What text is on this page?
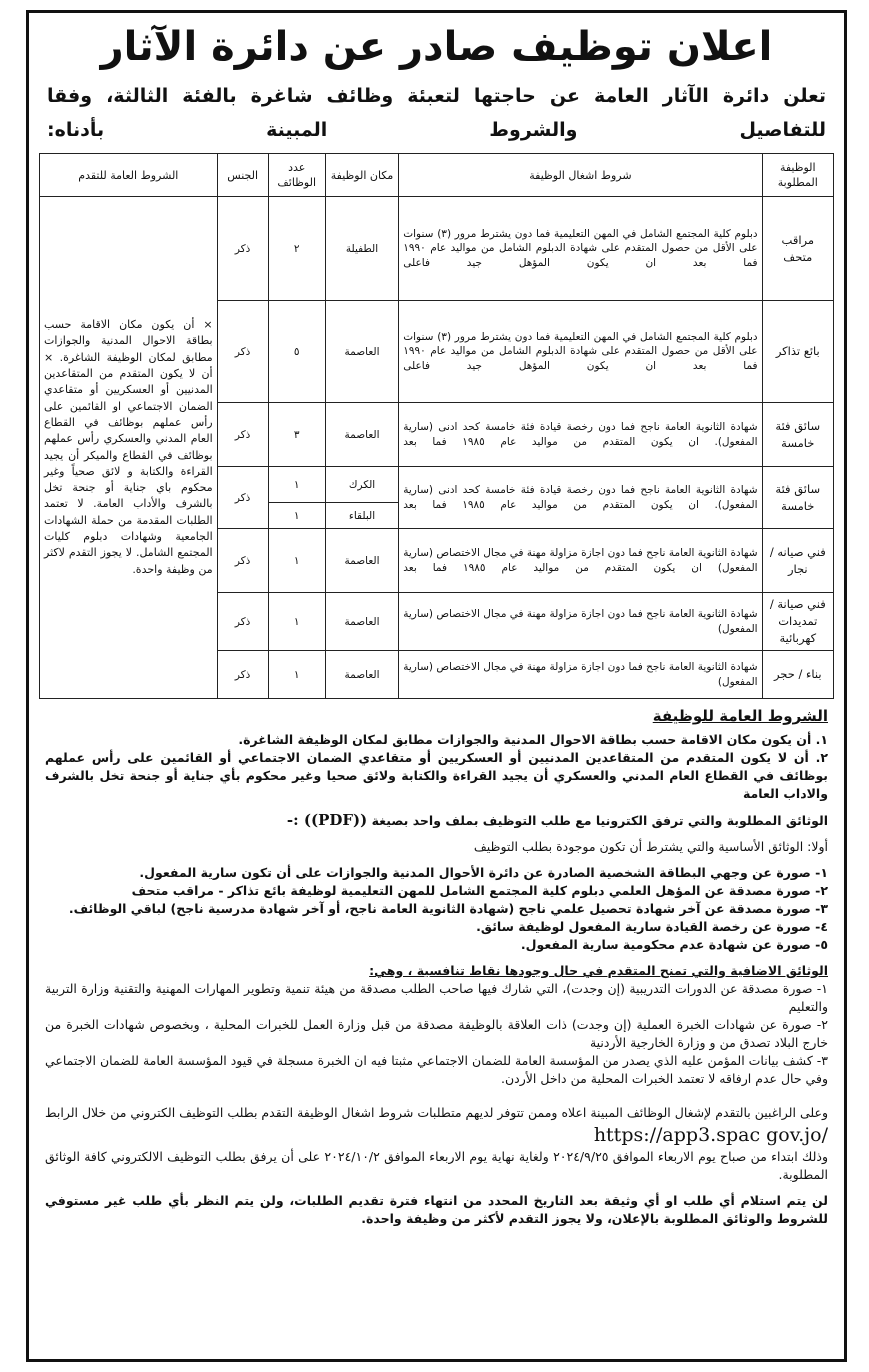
اعلان توظيف صادر عن دائرة الآثار
تعلن دائرة الآثار العامة عن حاجتها لتعبئة وظائف شاغرة بالفئة الثالثة، وفقا للتفاصيل والشروط المبينة بأدناه:
الوظيفة المطلوبة	شروط اشغال الوظيفة	مكان الوظيفة	عدد الوظائف	الجنس	الشروط العامة للتقدم
مراقب متحف	دبلوم كلية المجتمع الشامل في المهن التعليمية فما دون يشترط مرور (٣) سنوات على الأقل من حصول المتقدم على شهادة الدبلوم الشامل من مواليد عام ١٩٩٠ فما بعد ان يكون المؤهل جيد فاعلى	الطفيلة	٢	ذكر	× أن يكون مكان الاقامة حسب بطاقة الاحوال المدنية والجوازات مطابق لمكان الوظيفة الشاغرة. × أن لا يكون المتقدم من المتقاعدين المدنيين أو العسكريين أو متقاعدي الضمان الاجتماعي او القائمين على رأس عملهم بوظائف في القطاع العام المدني والعسكري رأس عملهم بوظائف في القطاع والميكر أن يجيد القراءة والكتابة و لائق صحياً وغير محكوم باي جناية أو جنحة تخل بالشرف والأداب العامة. لا تعتمد الطلبات المقدمة من حملة الشهادات الجامعية وشهادات دبلوم كليات المجتمع الشامل. لا يجوز التقدم لاكثر من وظيفة واحدة.
بائع تذاكر	دبلوم كلية المجتمع الشامل في المهن التعليمية فما دون يشترط مرور (٣) سنوات على الأقل من حصول المتقدم على شهادة الدبلوم الشامل من مواليد عام ١٩٩٠ فما بعد ان يكون المؤهل جيد فاعلى	العاصمة	٥	ذكر	
سائق فئة خامسة	شهادة الثانوية العامة ناجح فما دون رخصة قيادة فئة خامسة كحد ادنى (سارية المفعول). ان يكون المتقدم من مواليد عام ١٩٨٥ فما بعد	العاصمة	٣	ذكر	
سائق فئة خامسة	شهادة الثانوية العامة ناجح فما دون رخصة قيادة فئة خامسة كحد ادنى (سارية المفعول). ان يكون المتقدم من مواليد عام ١٩٨٥ فما بعد	الكرك	١	ذكر	
		البلقاء	١		
فني صيانه / نجار	شهادة الثانوية العامة ناجح فما دون اجازة مزاولة مهنة في مجال الاختصاص (سارية المفعول) ان يكون المتقدم من مواليد عام ١٩٨٥ فما بعد	العاصمة	١	ذكر	
فني صيانة / تمديدات كهربائية	شهادة الثانوية العامة ناجح فما دون اجازة مزاولة مهنة في مجال الاختصاص (سارية المفعول)	العاصمة	١	ذكر	
بناء / حجر	شهادة الثانوية العامة ناجح فما دون اجازة مزاولة مهنة في مجال الاختصاص (سارية المفعول)	العاصمة	١	ذكر	
الشروط العامة للوظيفة
١. أن يكون مكان الاقامة حسب بطاقة الاحوال المدنية والجوازات مطابق لمكان الوظيفة الشاغرة.
٢. أن لا يكون المتقدم من المتقاعدين المدنيين أو العسكريين أو متقاعدي الضمان الاجتماعي أو القائمين على رأس عملهم بوظائف في القطاع العام المدني والعسكري أن يجيد القراءة والكتابة ولائق صحيا وغير محكوم بأي جناية أو جنحة تخل بالشرف والاداب العامة
الوثائق المطلوبة والتي ترفق الكترونيا مع طلب التوظيف بملف واحد بصيغة ((PDF)) :-
أولا: الوثائق الأساسية والتي يشترط أن تكون موجودة بطلب التوظيف
١- صورة عن وجهي البطاقة الشخصية الصادرة عن دائرة الأحوال المدنية والجوازات على أن تكون سارية المفعول.
٢- صورة مصدقة عن المؤهل العلمي دبلوم كلية المجتمع الشامل للمهن التعليمية لوظيفة بائع تذاكر - مراقب متحف
٣- صورة مصدقة عن آخر شهادة تحصيل علمي ناجح (شهادة الثانوية العامة ناجح، أو آخر شهادة مدرسية ناجح) لباقي الوظائف.
٤- صورة عن رخصة القيادة سارية المفعول لوظيفة سائق.
٥- صورة عن شهادة عدم محكومية سارية المفعول.
الوثائق الاضافية والتي تمنح المتقدم في حال وجودها نقاط تنافسية ، وهي:
١- صورة مصدقة عن الدورات التدريبية (إن وجدت)، التي شارك فيها صاحب الطلب مصدقة من هيئة تنمية وتطوير المهارات المهنية والتقنية وزارة التربية والتعليم
٢- صورة عن شهادات الخبرة العملية (إن وجدت) ذات العلاقة بالوظيفة مصدقة من قبل وزارة العمل للخبرات المحلية ، وبخصوص شهادات الخبرة من خارج البلاد تصدق من و وزارة الخارجية الأردنية
٣- كشف بيانات المؤمن عليه الذي يصدر من المؤسسة العامة للضمان الاجتماعي مثبتا فيه ان الخبرة مسجلة في قيود المؤسسة العامة للضمان الاجتماعي وفي حال عدم ارفاقه لا تعتمد الخبرات المحلية من داخل الأردن.
وعلى الراغبين بالتقدم لإشغال الوظائف المبينة اعلاه وممن تتوفر لديهم متطلبات شروط اشغال الوظيفة التقدم بطلب التوظيف الكتروني من خلال الرابط https://app3.spac gov.jo/
وذلك ابتداء من صباح يوم الاربعاء الموافق ٢٠٢٤/٩/٢٥ ولغاية نهاية يوم الاربعاء الموافق ٢٠٢٤/١٠/٢ على أن يرفق بطلب التوظيف الالكتروني كافة الوثائق المطلوبة.
لن يتم استلام أي طلب او أي وثيقة بعد التاريخ المحدد من انتهاء فترة تقديم الطلبات، ولن يتم النظر بأي طلب غير مستوفي للشروط والوثائق المطلوبة بالإعلان، ولا يجوز التقدم لأكثر من وظيفة واحدة.
